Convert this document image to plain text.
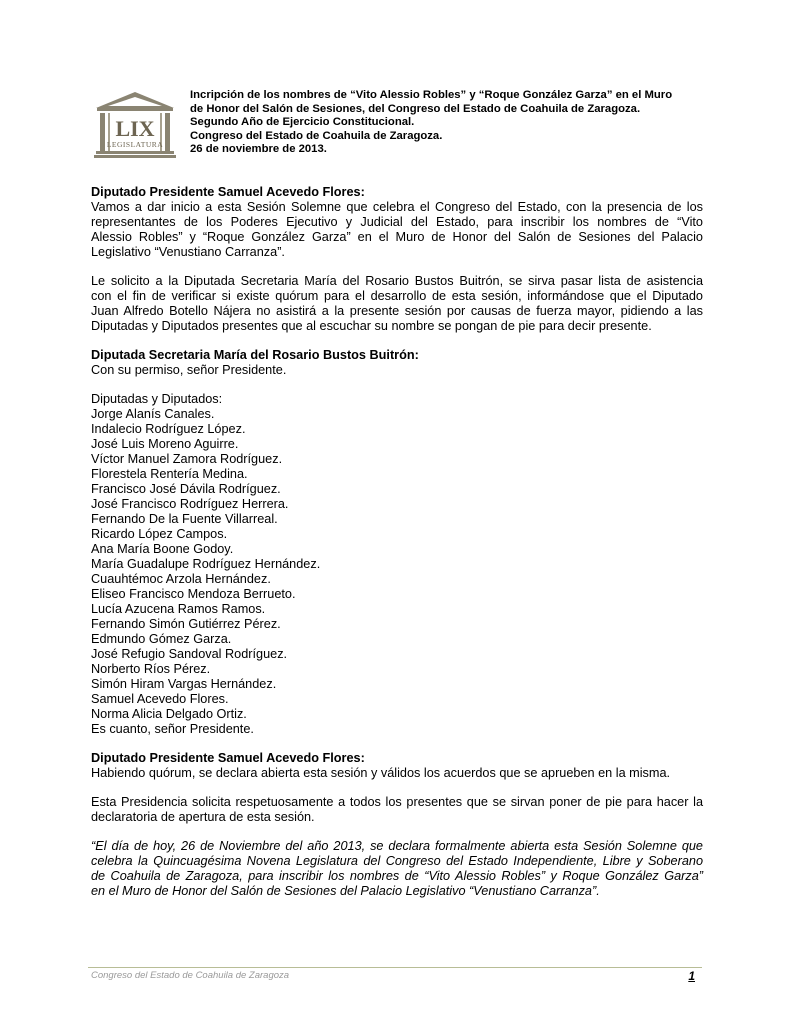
LIX
LEGISLATURA
Incripción de los nombres de “Vito Alessio Robles” y “Roque González Garza” en el Muro
de Honor del Salón de Sesiones, del Congreso del Estado de Coahuila de Zaragoza.
Segundo Año de Ejercicio Constitucional.
Congreso del Estado de Coahuila de Zaragoza.
26 de noviembre de 2013.
Diputado Presidente Samuel Acevedo Flores:
Vamos a dar inicio a esta Sesión Solemne que celebra el Congreso del Estado, con la presencia de los
representantes de los Poderes Ejecutivo y Judicial del Estado, para inscribir los nombres de “Vito
Alessio Robles” y “Roque González Garza” en el Muro de Honor del Salón de Sesiones del Palacio
Legislativo “Venustiano Carranza”.
Le solicito a la Diputada Secretaria María del Rosario Bustos Buitrón, se sirva pasar lista de asistencia
con el fin de verificar si existe quórum para el desarrollo de esta sesión, informándose que el Diputado
Juan Alfredo Botello Nájera no asistirá a la presente sesión por causas de fuerza mayor, pidiendo a las
Diputadas y Diputados presentes que al escuchar su nombre se pongan de pie para decir presente.
Diputada Secretaria María del Rosario Bustos Buitrón:
Con su permiso, señor Presidente.
Diputadas y Diputados:
Jorge Alanís Canales.
Indalecio Rodríguez López.
José Luis Moreno Aguirre.
Víctor Manuel Zamora Rodríguez.
Florestela Rentería Medina.
Francisco José Dávila Rodríguez.
José Francisco Rodríguez Herrera.
Fernando De la Fuente Villarreal.
Ricardo López Campos.
Ana María Boone Godoy.
María Guadalupe Rodríguez Hernández.
Cuauhtémoc Arzola Hernández.
Eliseo Francisco Mendoza Berrueto.
Lucía Azucena Ramos Ramos.
Fernando Simón Gutiérrez Pérez.
Edmundo Gómez Garza.
José Refugio Sandoval Rodríguez.
Norberto Ríos Pérez.
Simón Hiram Vargas Hernández.
Samuel Acevedo Flores.
Norma Alicia Delgado Ortiz.
Es cuanto, señor Presidente.
Diputado Presidente Samuel Acevedo Flores:
Habiendo quórum, se declara abierta esta sesión y válidos los acuerdos que se aprueben en la misma.
Esta Presidencia solicita respetuosamente a todos los presentes que se sirvan poner de pie para hacer la
declaratoria de apertura de esta sesión.
“El día de hoy, 26 de Noviembre del año 2013, se declara formalmente abierta esta Sesión Solemne que
celebra la Quincuagésima Novena Legislatura del Congreso del Estado Independiente, Libre y Soberano
de Coahuila de Zaragoza, para inscribir los nombres de “Vito Alessio Robles” y Roque González Garza”
en el Muro de Honor del Salón de Sesiones del Palacio Legislativo “Venustiano Carranza”.
Congreso del Estado de Coahuila de Zaragoza	1
